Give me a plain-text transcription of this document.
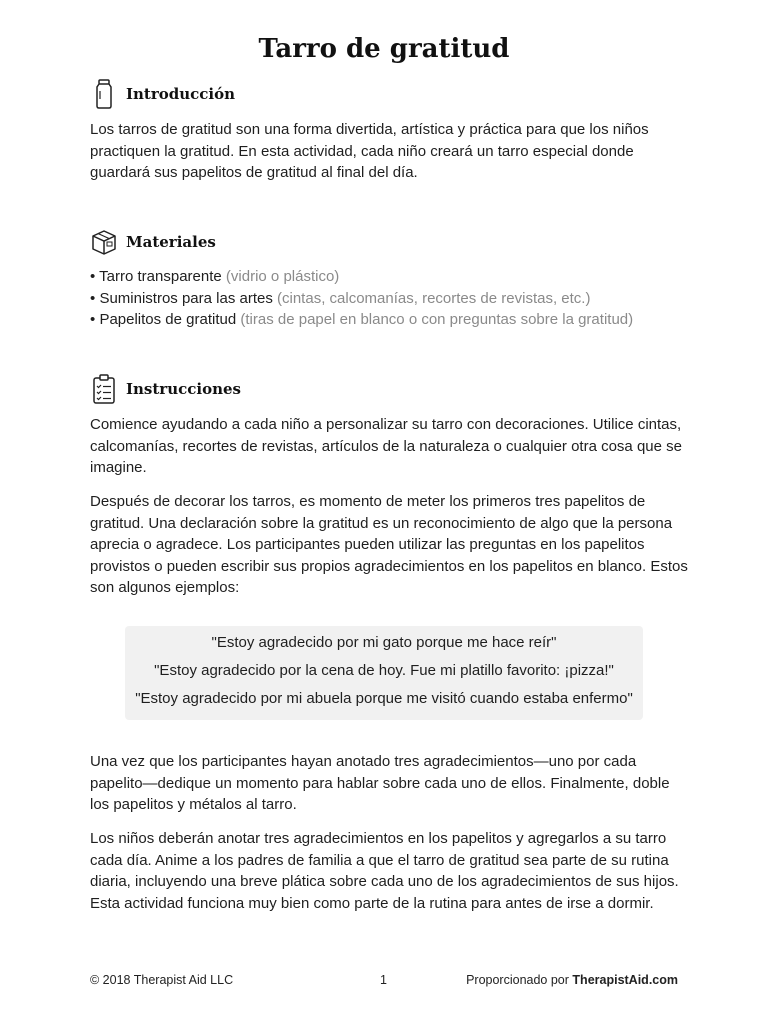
Tarro de gratitud
Introducción

Los tarros de gratitud son una forma divertida, artística y práctica para que los niños practiquen la gratitud. En esta actividad, cada niño creará un tarro especial donde guardará sus papelitos de gratitud al final del día.

Materiales
• Tarro transparente (vidrio o plástico)
• Suministros para las artes (cintas, calcomanías, recortes de revistas, etc.)
• Papelitos de gratitud (tiras de papel en blanco o con preguntas sobre la gratitud)
Instrucciones

Comience ayudando a cada niño a personalizar su tarro con decoraciones. Utilice cintas, calcomanías, recortes de revistas, artículos de la naturaleza o cualquier otra cosa que se imagine.

Después de decorar los tarros, es momento de meter los primeros tres papelitos de gratitud. Una declaración sobre la gratitud es un reconocimiento de algo que la persona aprecia o agradece. Los participantes pueden utilizar las preguntas en los papelitos provistos o pueden escribir sus propios agradecimientos en los papelitos en blanco. Estos son algunos ejemplos:

"Estoy agradecido por mi gato porque me hace reír"
"Estoy agradecido por la cena de hoy. Fue mi platillo favorito: ¡pizza!"
"Estoy agradecido por mi abuela porque me visitó cuando estaba enfermo"

Una vez que los participantes hayan anotado tres agradecimientos—uno por cada papelito—dedique un momento para hablar sobre cada uno de ellos. Finalmente, doble los papelitos y métalos al tarro.

Los niños deberán anotar tres agradecimientos en los papelitos y agregarlos a su tarro cada día. Anime a los padres de familia a que el tarro de gratitud sea parte de su rutina diaria, incluyendo una breve plática sobre cada uno de los agradecimientos de sus hijos. Esta actividad funciona muy bien como parte de la rutina para antes de irse a dormir.

© 2018 Therapist Aid LLC	1	Proporcionado por TherapistAid.com
